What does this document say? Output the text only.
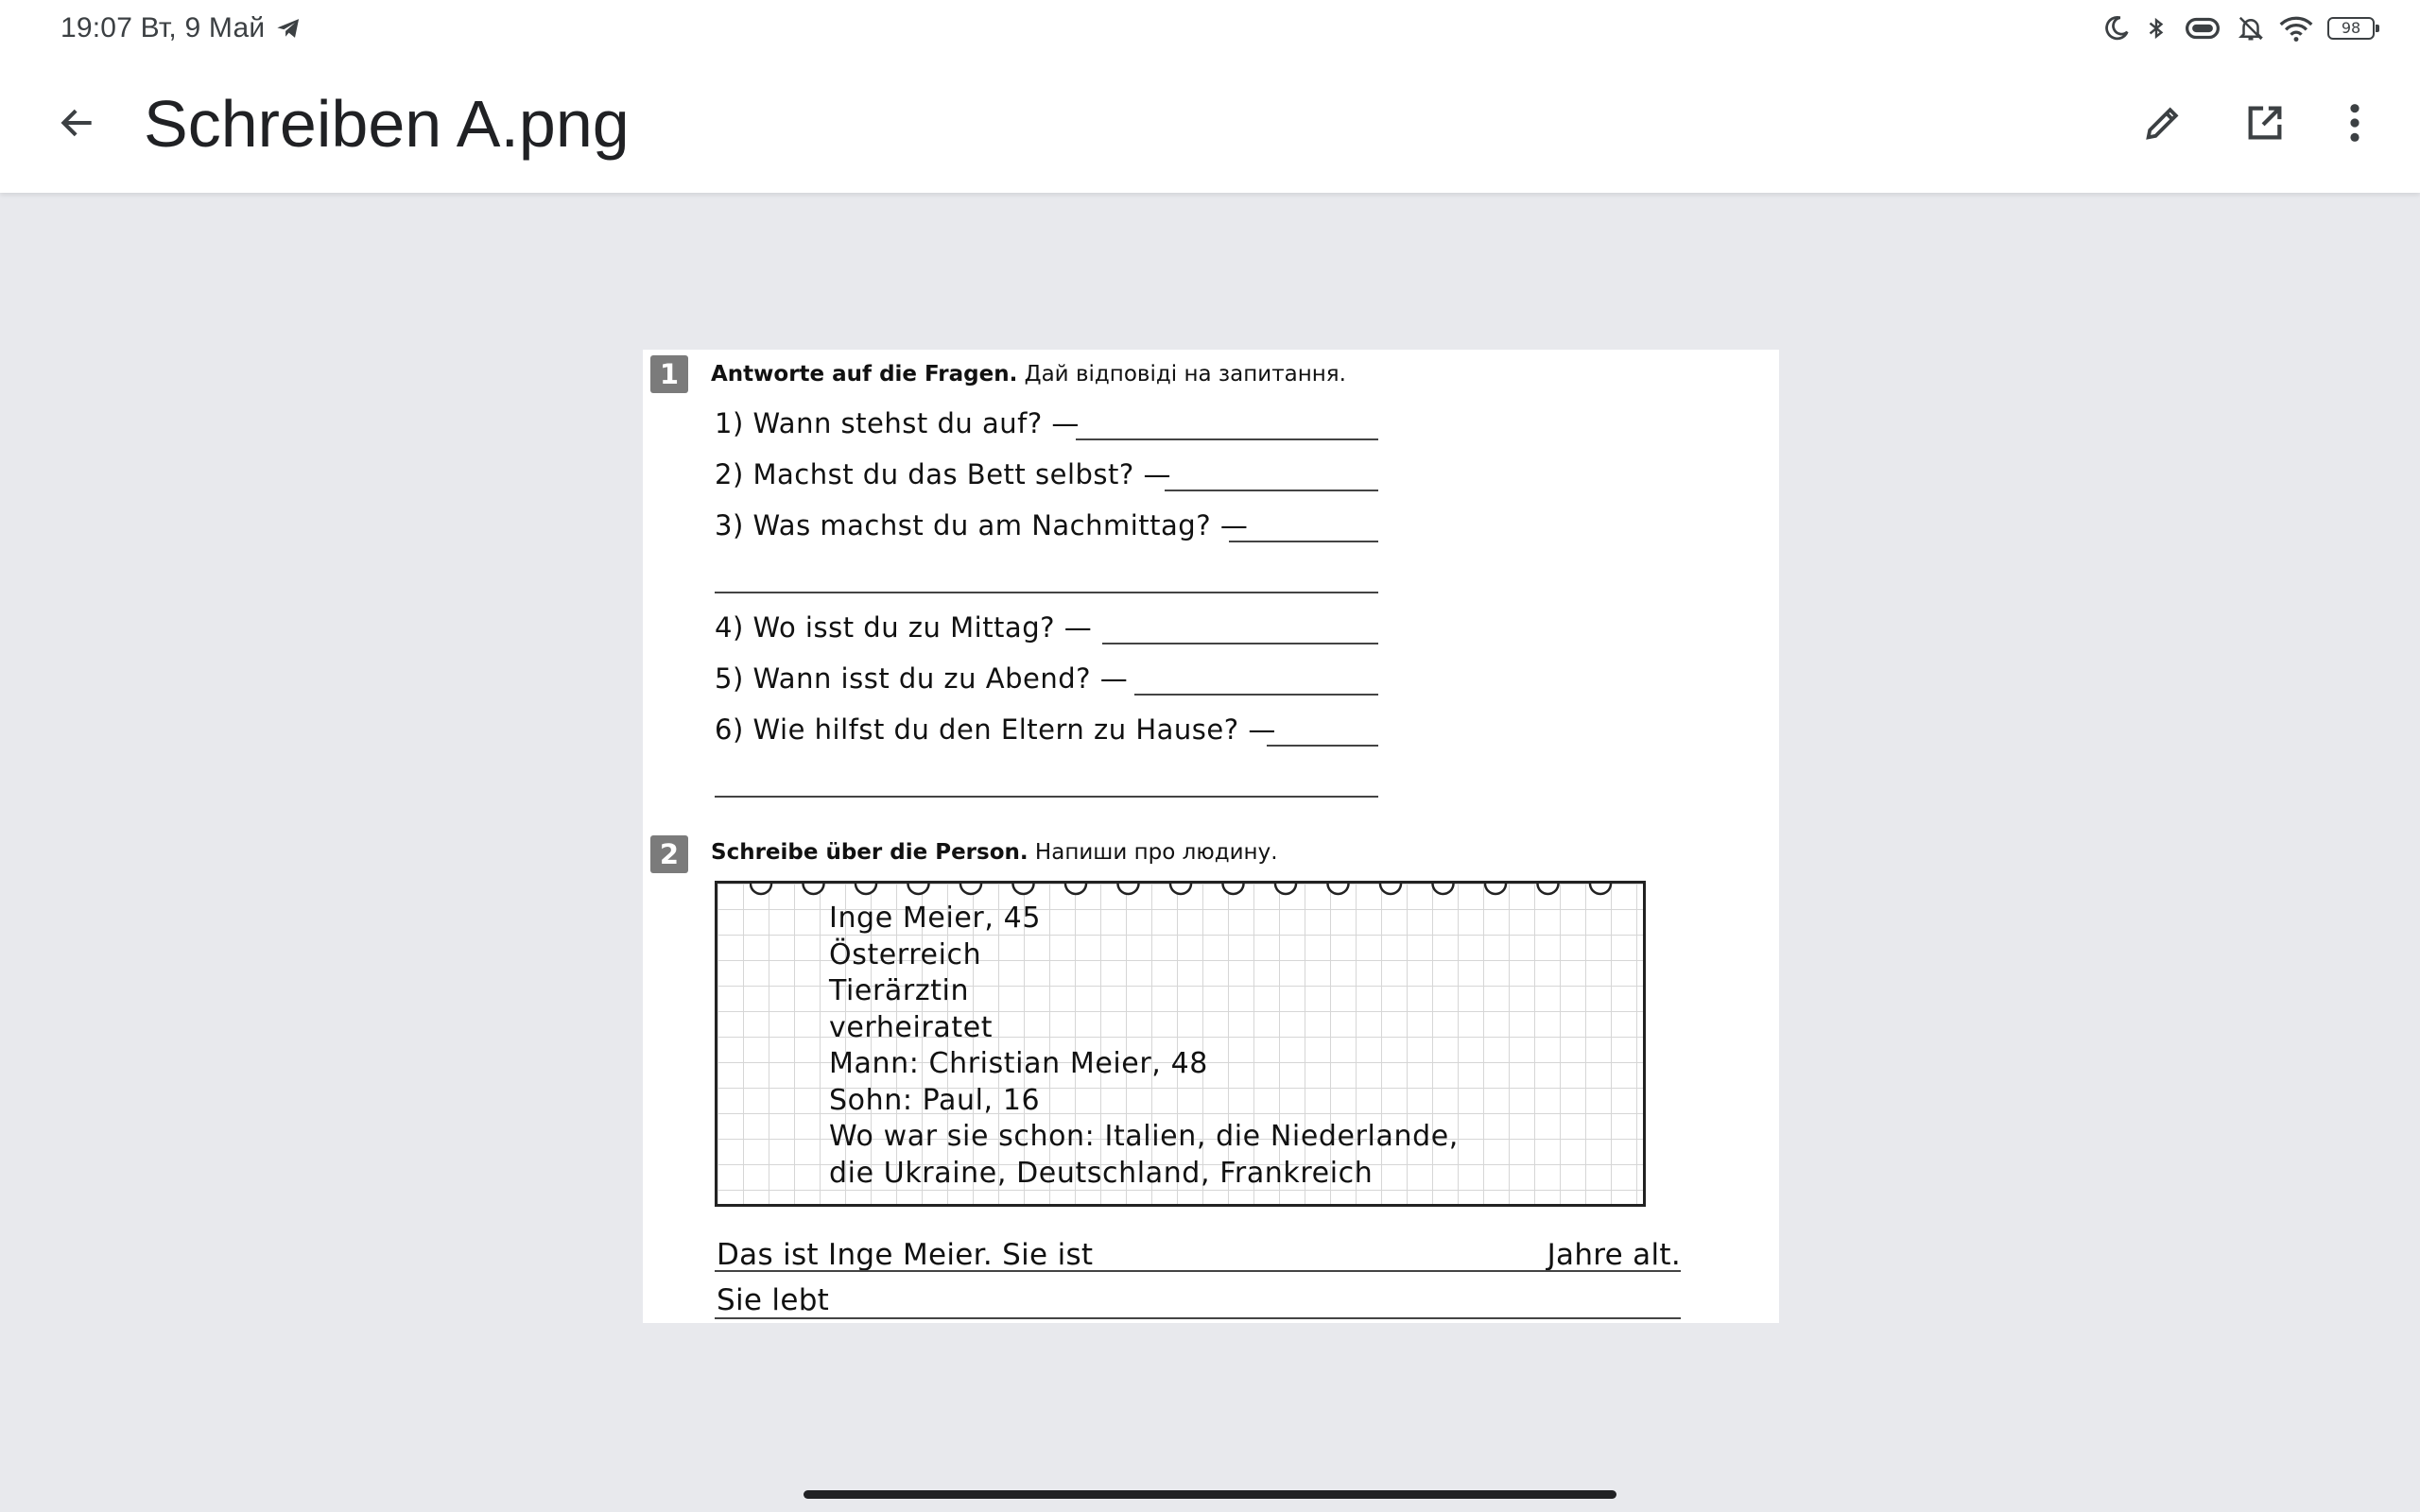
19:07 Вт, 9 Май	98
Schreiben A.png
1	Antworte auf die Fragen. Дай відповіді на запитання.
1) Wann stehst du auf? —
2) Machst du das Bett selbst? —
3) Was machst du am Nachmittag? —
4) Wo isst du zu Mittag? —
5) Wann isst du zu Abend? —
6) Wie hilfst du den Eltern zu Hause? —
2	Schreibe über die Person. Напиши про людину.
Inge Meier, 45
Österreich
Tierärztin
verheiratet
Mann: Christian Meier, 48
Sohn: Paul, 16
Wo war sie schon: Italien, die Niederlande,
die Ukraine, Deutschland, Frankreich
Das ist Inge Meier. Sie ist	Jahre alt.
Sie lebt
